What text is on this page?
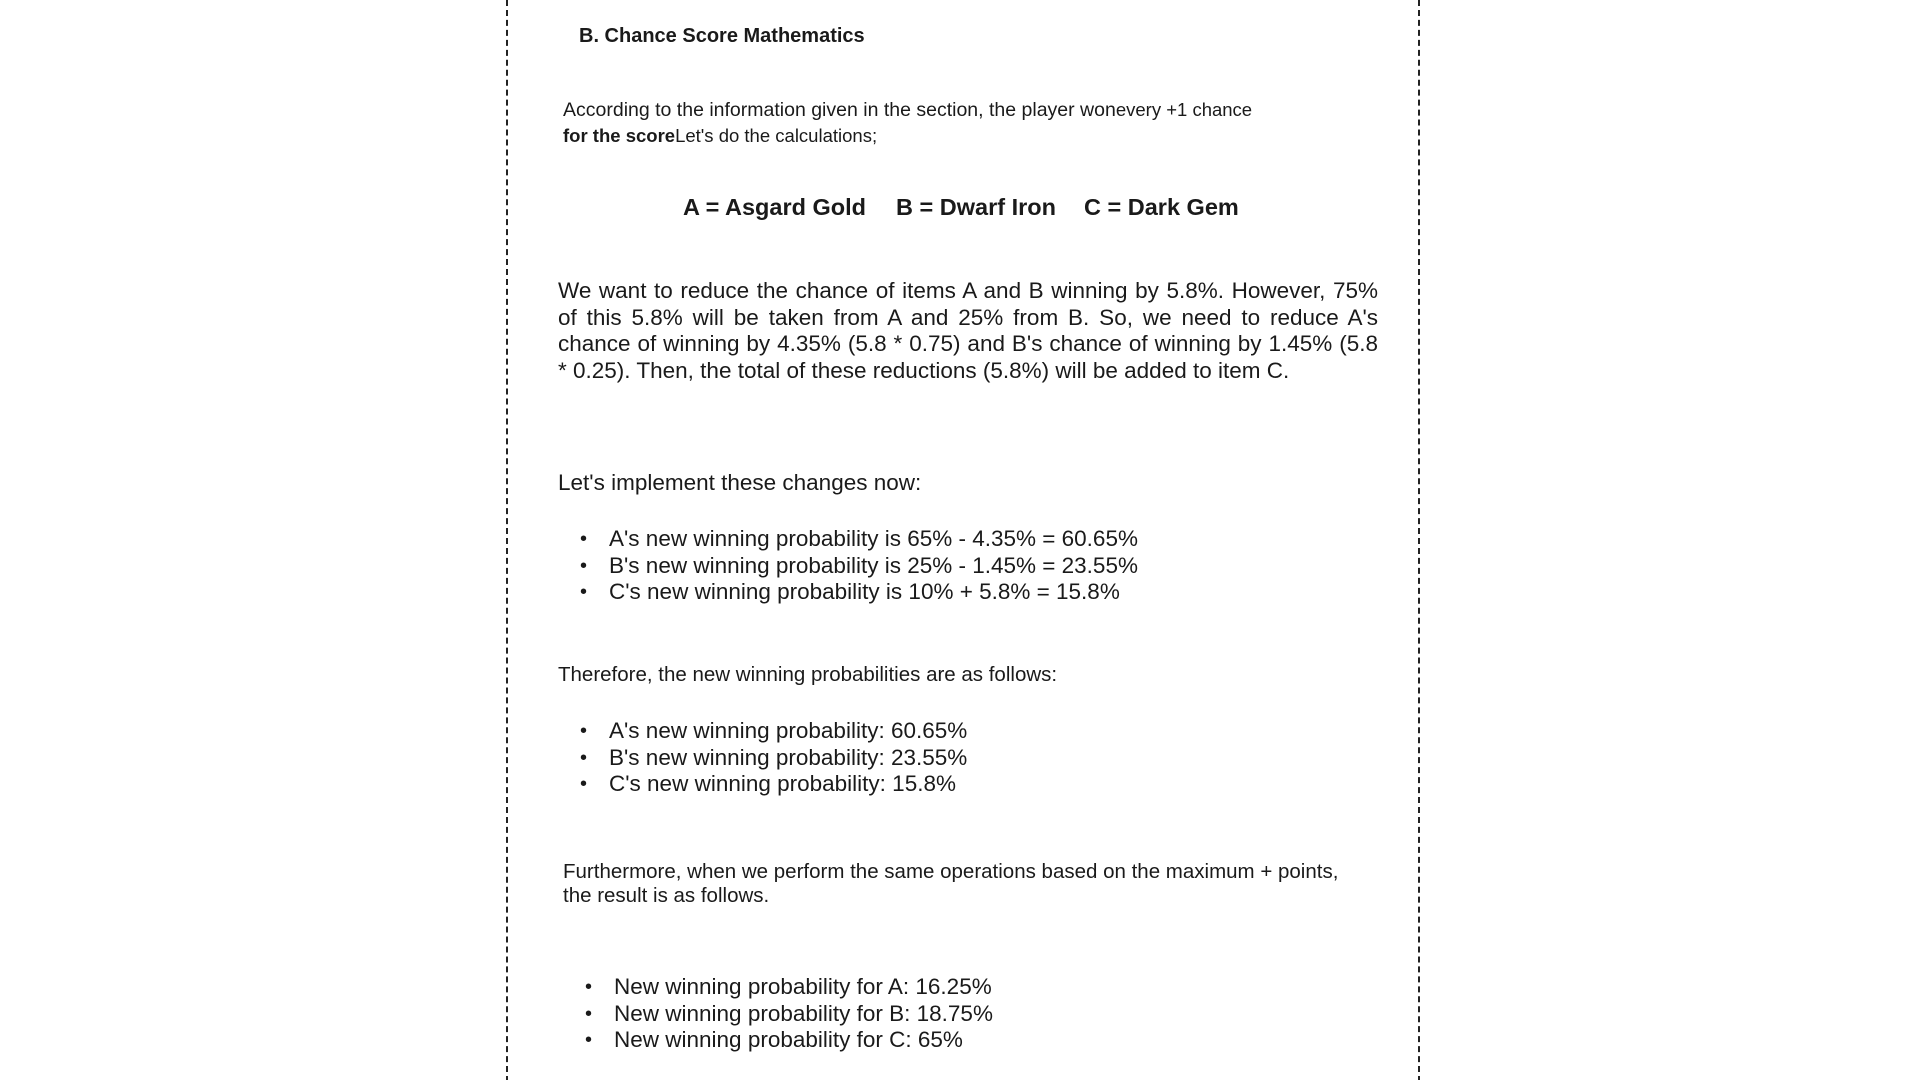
B. Chance Score Mathematics
According to the information given in the section, the player wonevery +1 chance
for the scoreLet's do the calculations;
A = Asgard Gold B = Dwarf Iron C = Dark Gem
We want to reduce the chance of items A and B winning by 5.8%. However, 75% of this 5.8% will be taken from A and 25% from B. So, we need to reduce A's chance of winning by 4.35% (5.8 * 0.75) and B's chance of winning by 1.45% (5.8 * 0.25). Then, the total of these reductions (5.8%) will be added to item C.
Let's implement these changes now:
• A's new winning probability is 65% - 4.35% = 60.65%
• B's new winning probability is 25% - 1.45% = 23.55%
• C's new winning probability is 10% + 5.8% = 15.8%
Therefore, the new winning probabilities are as follows:
• A's new winning probability: 60.65%
• B's new winning probability: 23.55%
• C's new winning probability: 15.8%
Furthermore, when we perform the same operations based on the maximum + points, the result is as follows.
• New winning probability for A: 16.25%
• New winning probability for B: 18.75%
• New winning probability for C: 65%
